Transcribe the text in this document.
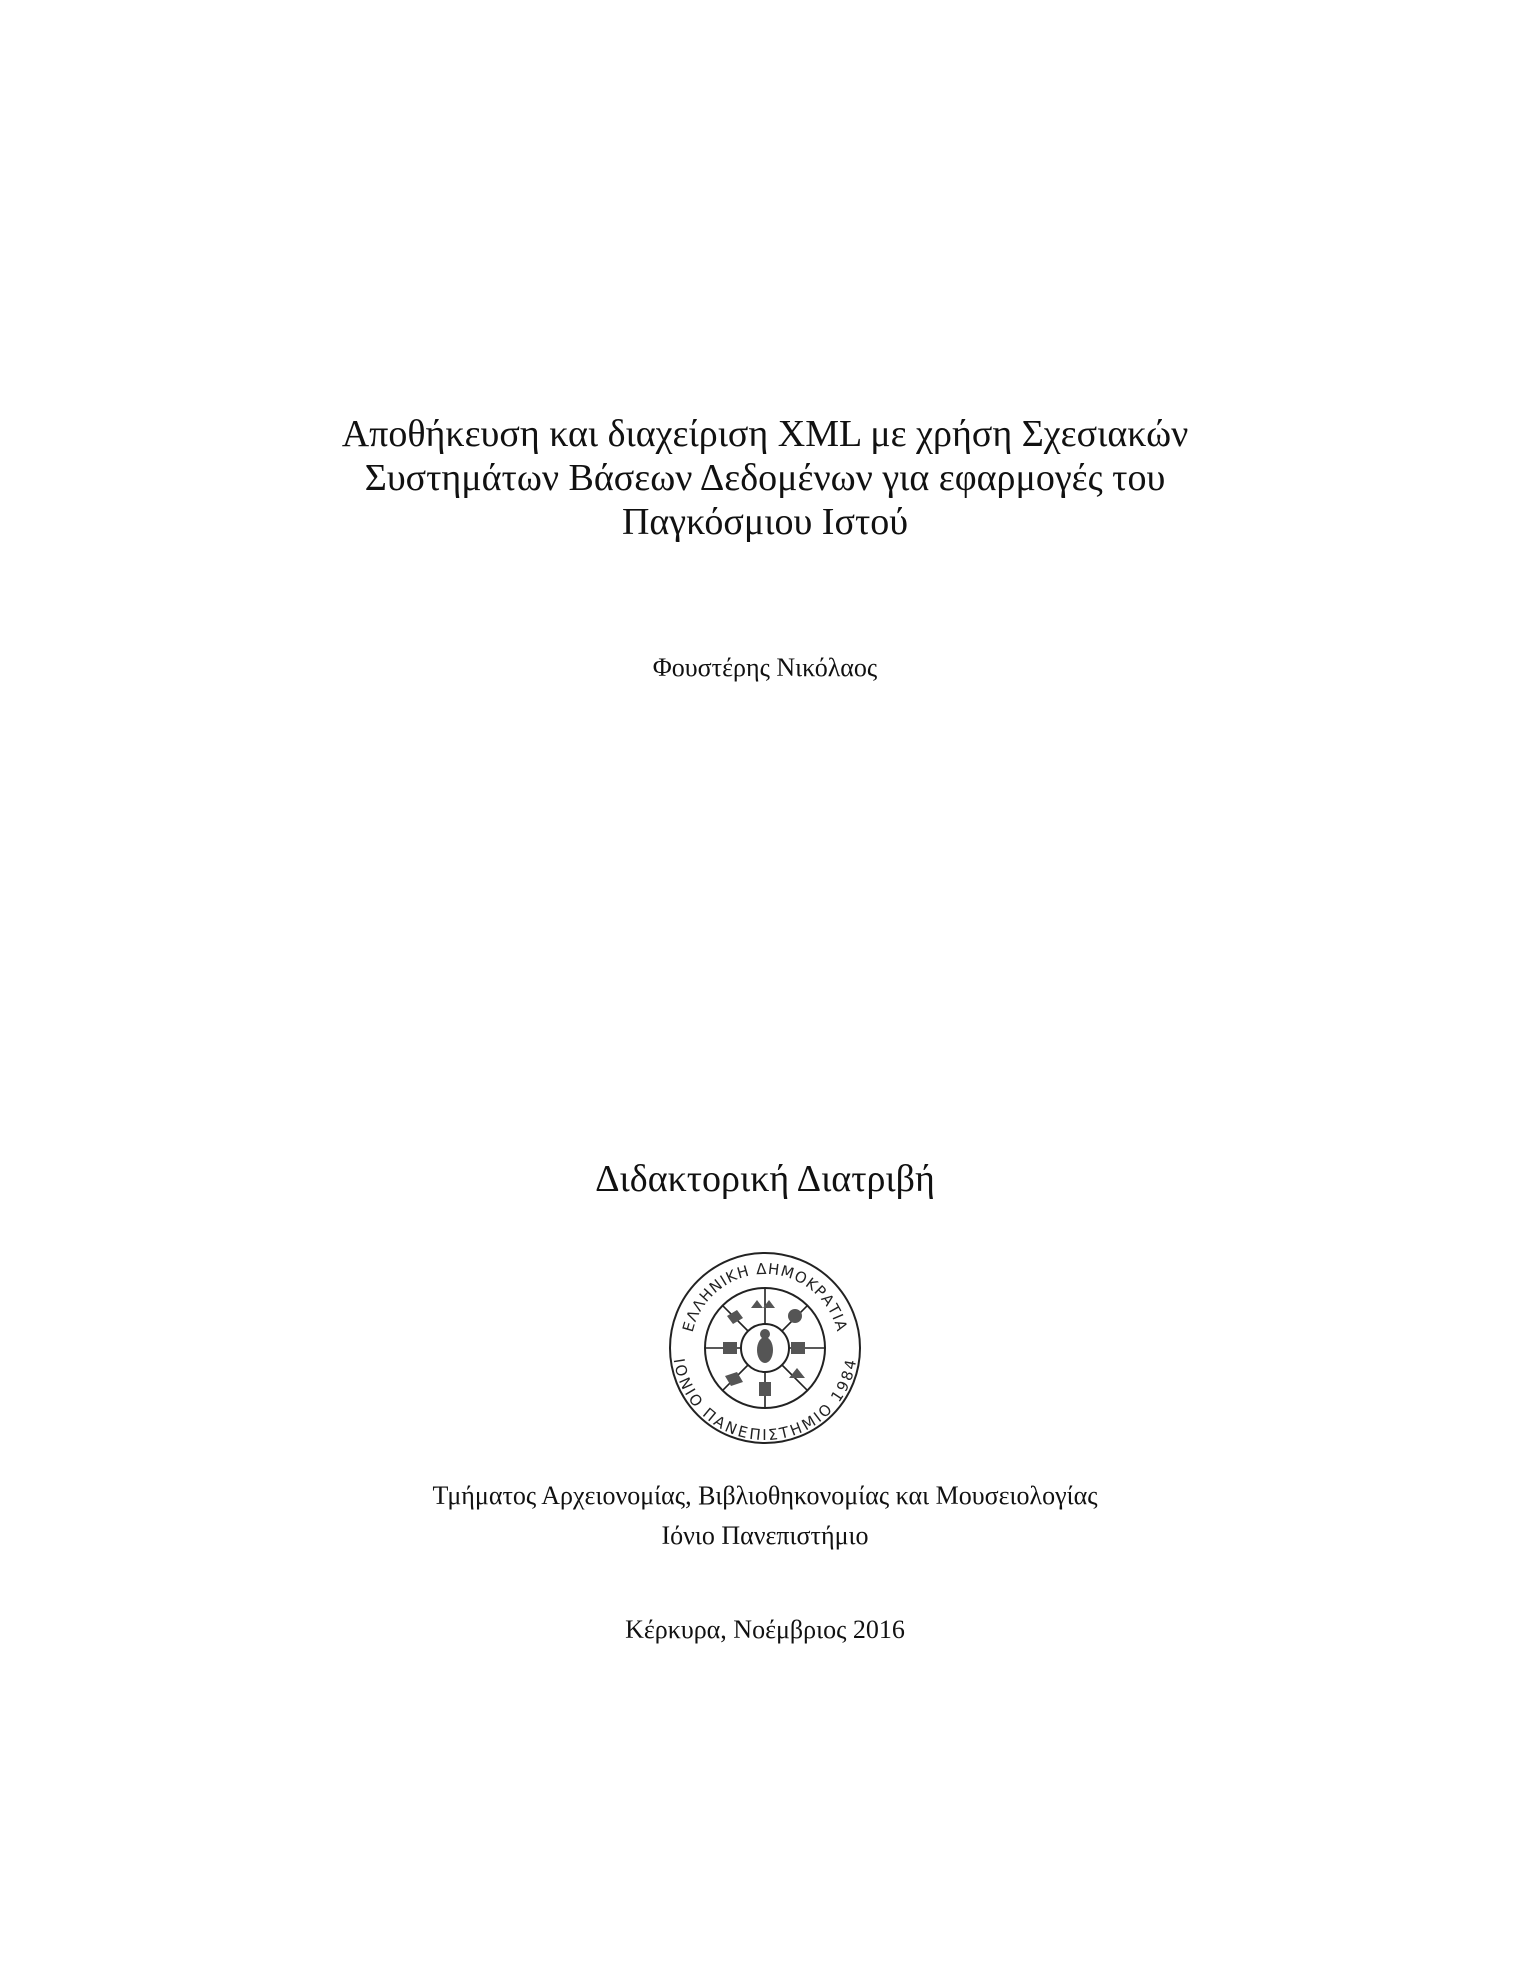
Αποθήκευση και διαχείριση XML με χρήση Σχεσιακών
Συστημάτων Βάσεων Δεδομένων για εφαρμογές του
Παγκόσμιου Ιστού
Φουστέρης Νικόλαος
Διδακτορική Διατριβή
ΕΛΛΗΝΙΚΗ ΔΗΜΟΚΡΑΤΙΑ
ΙΟΝΙΟ ΠΑΝΕΠΙΣΤΗΜΙΟ 1984
Τμήματος Αρχειονομίας, Βιβλιοθηκονομίας και Μουσειολογίας
Ιόνιο Πανεπιστήμιο
Κέρκυρα, Νοέμβριος 2016
